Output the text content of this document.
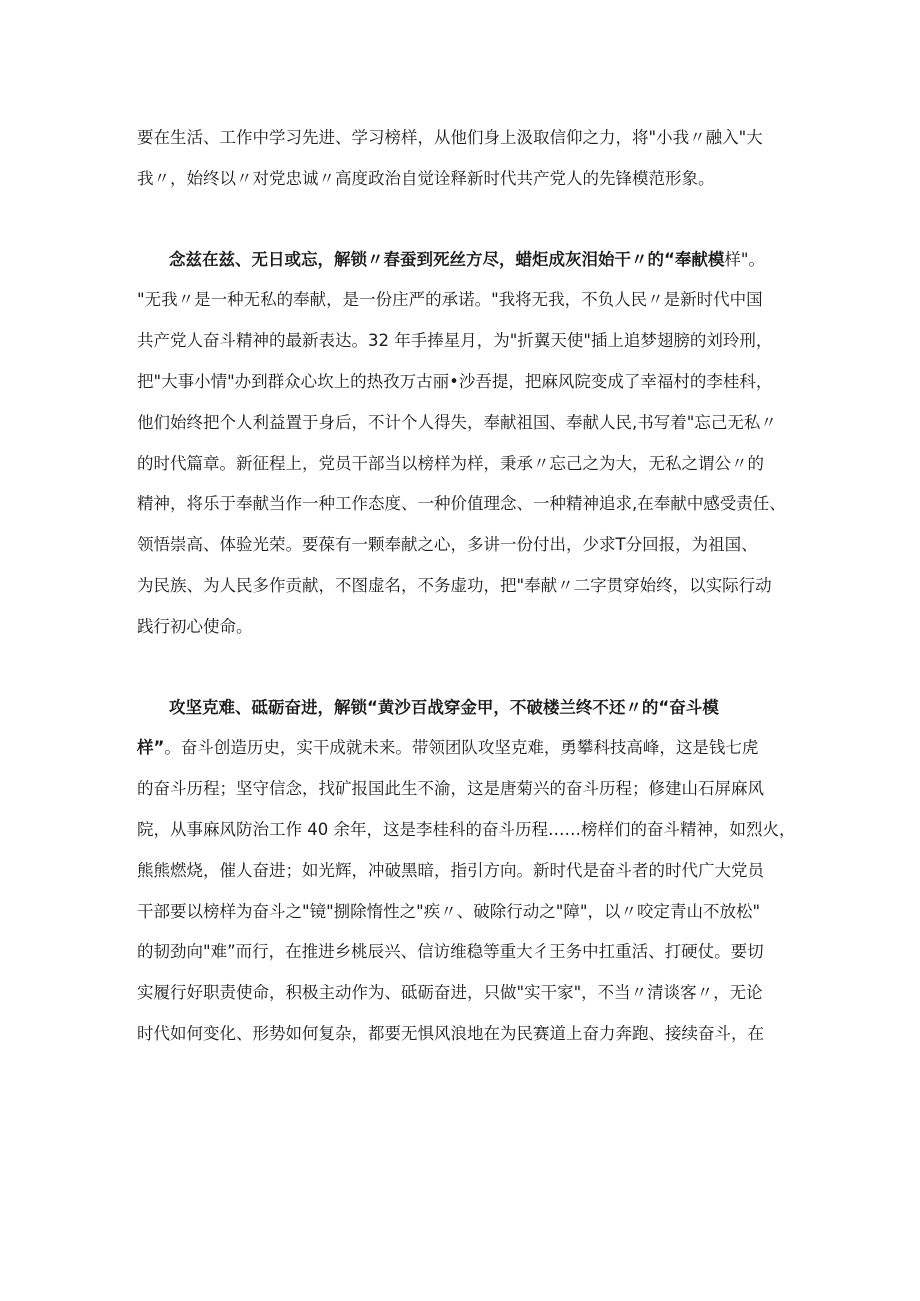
要在生活、工作中学习先进、学习榜样，从他们身上汲取信仰之力，将"小我〃融入"大
我〃，始终以〃对党忠诚〃高度政治自觉诠释新时代共产党人的先锋模范形象。

念兹在兹、无日或忘，解锁〃春蚕到死丝方尽，蜡炬成灰泪始干〃的“奉献模样"。
"无我〃是一种无私的奉献，是一份庄严的承诺。"我将无我，不负人民〃是新时代中国
共产党人奋斗精神的最新表达。32 年手捧星月，为"折翼天使"插上追梦翅膀的刘玲刑，
把"大事小情"办到群众心坎上的热孜万古丽•沙吾提，把麻风院变成了幸福村的李桂科，
他们始终把个人利益置于身后，不计个人得失，奉献祖国、奉献人民,书写着"忘己无私〃
的时代篇章。新征程上，党员干部当以榜样为样，秉承〃忘己之为大，无私之谓公〃的
精神，将乐于奉献当作一种工作态度、一种价值理念、一种精神追求,在奉献中感受责任、
领悟崇高、体验光荣。要葆有一颗奉献之心，多讲一份付出，少求T分回报，为祖国、
为民族、为人民多作贡献，不图虚名，不务虚功，把"奉献〃二字贯穿始终，以实际行动
践行初心使命。

攻坚克难、砥砺奋进，解锁“黄沙百战穿金甲，不破楼兰终不还〃的“奋斗模
样”。奋斗创造历史，实干成就未来。带领团队攻坚克难，勇攀科技高峰，这是钱七虎
的奋斗历程；坚守信念，找矿报国此生不渝，这是唐菊兴的奋斗历程；修建山石屏麻风
院，从事麻风防治工作 40 余年，这是李桂科的奋斗历程……榜样们的奋斗精神，如烈火，
熊熊燃烧，催人奋进；如光辉，冲破黑暗，指引方向。新时代是奋斗者的时代广大党员
干部要以榜样为奋斗之"镜"捌除惰性之"疾〃、破除行动之"障"，以〃咬定青山不放松"
的韧劲向"难”而行，在推进乡桃辰兴、信访维稳等重大彳王务中扛重活、打硬仗。要切
实履行好职责使命，积极主动作为、砥砺奋进，只做"实干家"，不当〃清谈客〃，无论
时代如何变化、形势如何复杂，都要无惧风浪地在为民赛道上奋力奔跑、接续奋斗，在
